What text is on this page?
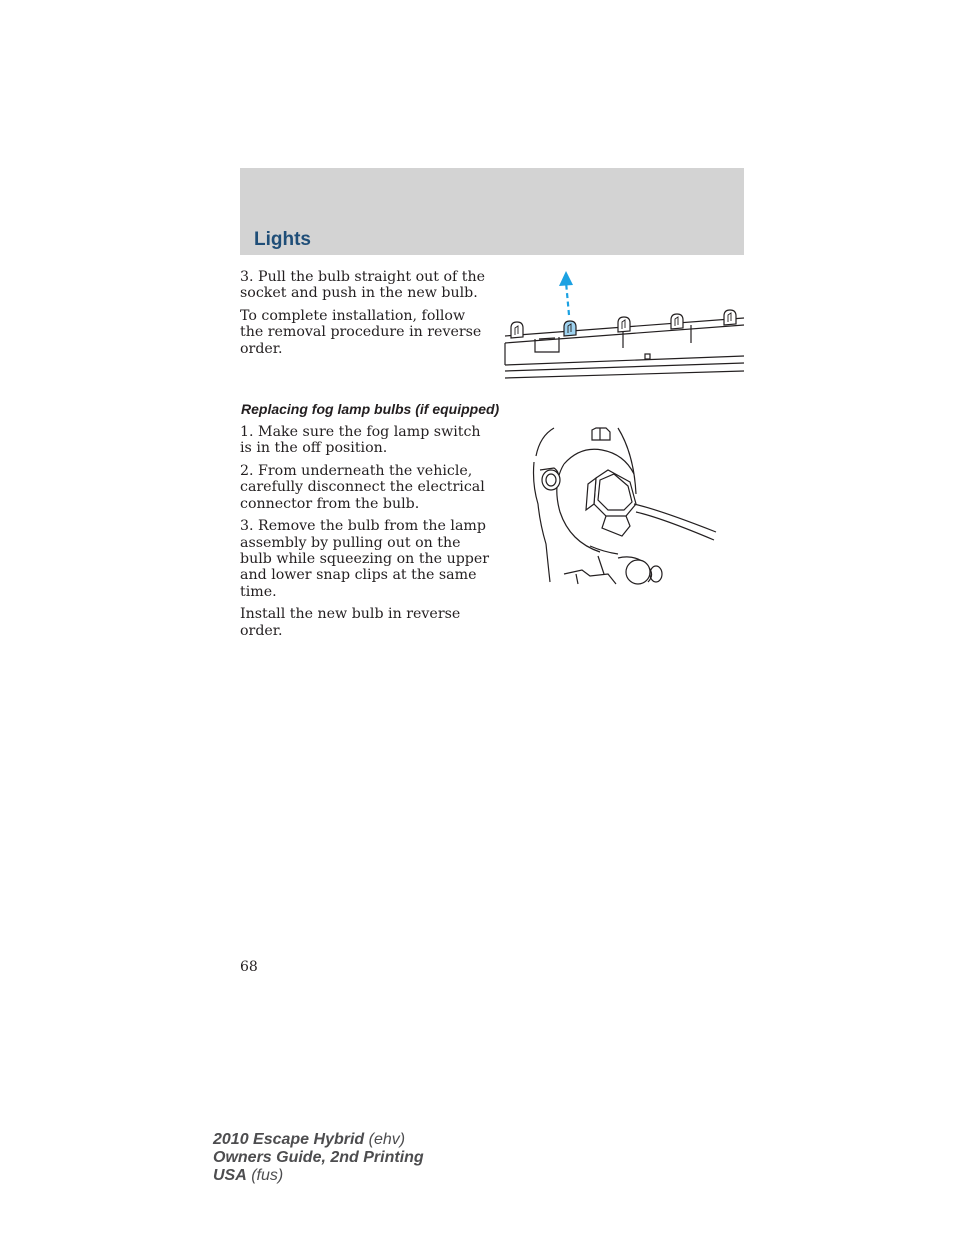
Lights

3. Pull the bulb straight out of the socket and push in the new bulb.

To complete installation, follow the removal procedure in reverse order.

Replacing fog lamp bulbs (if equipped)

1. Make sure the fog lamp switch is in the off position.

2. From underneath the vehicle, carefully disconnect the electrical connector from the bulb.

3. Remove the bulb from the lamp assembly by pulling out on the bulb while squeezing on the upper and lower snap clips at the same time.

Install the new bulb in reverse order.

68
2010 Escape Hybrid (ehv)
Owners Guide, 2nd Printing
USA (fus)
